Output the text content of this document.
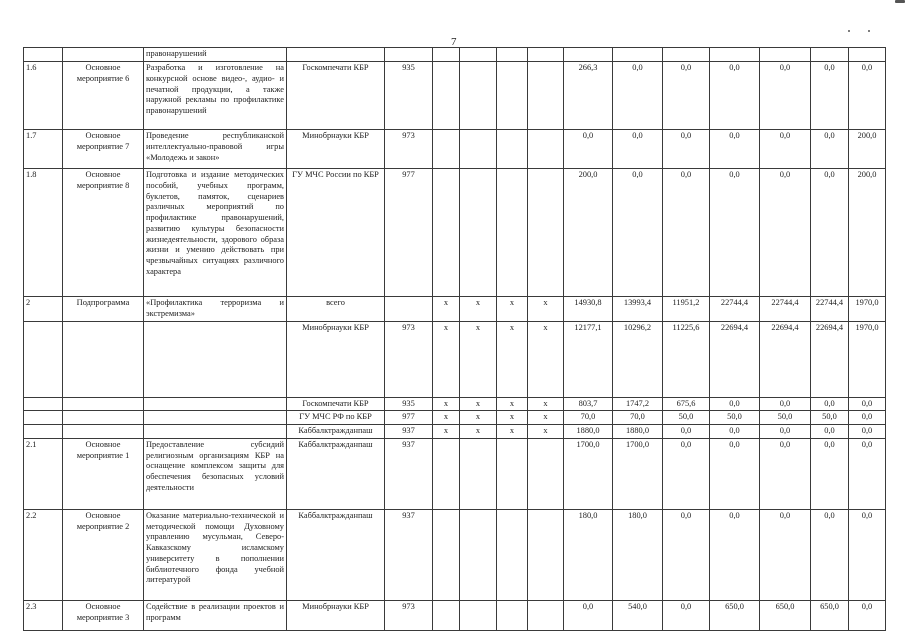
7
		правонарушений													
1.6	Основное мероприятие 6	Разработка и изготовление на конкурсной основе видео-, аудио- и печатной продукции, а также наружной рекламы по профилактике правонарушений	Госкомпечати КБР	935					266,3	0,0	0,0	0,0	0,0	0,0	0,0
1.7	Основное мероприятие 7	Проведение республиканской интеллектуально-правовой игры «Молодежь и закон»	Минобрнауки КБР	973					0,0	0,0	0,0	0,0	0,0	0,0	200,0
1.8	Основное мероприятие 8	Подготовка и издание методических пособий, учебных программ, буклетов, памяток, сценариев различных мероприятий по профилактике правонарушений, развитию культуры безопасности жизнедеятельности, здорового образа жизни и умению действовать при чрезвычайных ситуациях различного характера	ГУ МЧС России по КБР	977					200,0	0,0	0,0	0,0	0,0	0,0	200,0
2	Подпрограмма	«Профилактика терроризма и экстремизма»	всего		x	x	x	x	14930,8	13993,4	11951,2	22744,4	22744,4	22744,4	1970,0
			Минобрнауки КБР	973	x	x	x	x	12177,1	10296,2	11225,6	22694,4	22694,4	22694,4	1970,0
			Госкомпечати КБР	935	x	x	x	x	803,7	1747,2	675,6	0,0	0,0	0,0	0,0
			ГУ МЧС РФ по КБР	977	x	x	x	x	70,0	70,0	50,0	50,0	50,0	50,0	0,0
			Каббалктражданпаш	937	x	x	x	x	1880,0	1880,0	0,0	0,0	0,0	0,0	0,0
2.1	Основное мероприятие 1	Предоставление субсидий религиозным организациям КБР на оснащение комплексом защиты для обеспечения безопасных условий деятельности	Каббалктражданпаш	937					1700,0	1700,0	0,0	0,0	0,0	0,0	0,0
2.2	Основное мероприятие 2	Оказание материально-технической и методической помощи Духовному управлению мусульман, Северо-Кавказскому исламскому университету в пополнении библиотечного фонда учебной литературой	Каббалктражданпаш	937					180,0	180,0	0,0	0,0	0,0	0,0	0,0
2.3	Основное мероприятие 3	Содействие в реализации проектов и программ	Минобрнауки КБР	973					0,0	540,0	0,0	650,0	650,0	650,0	0,0
